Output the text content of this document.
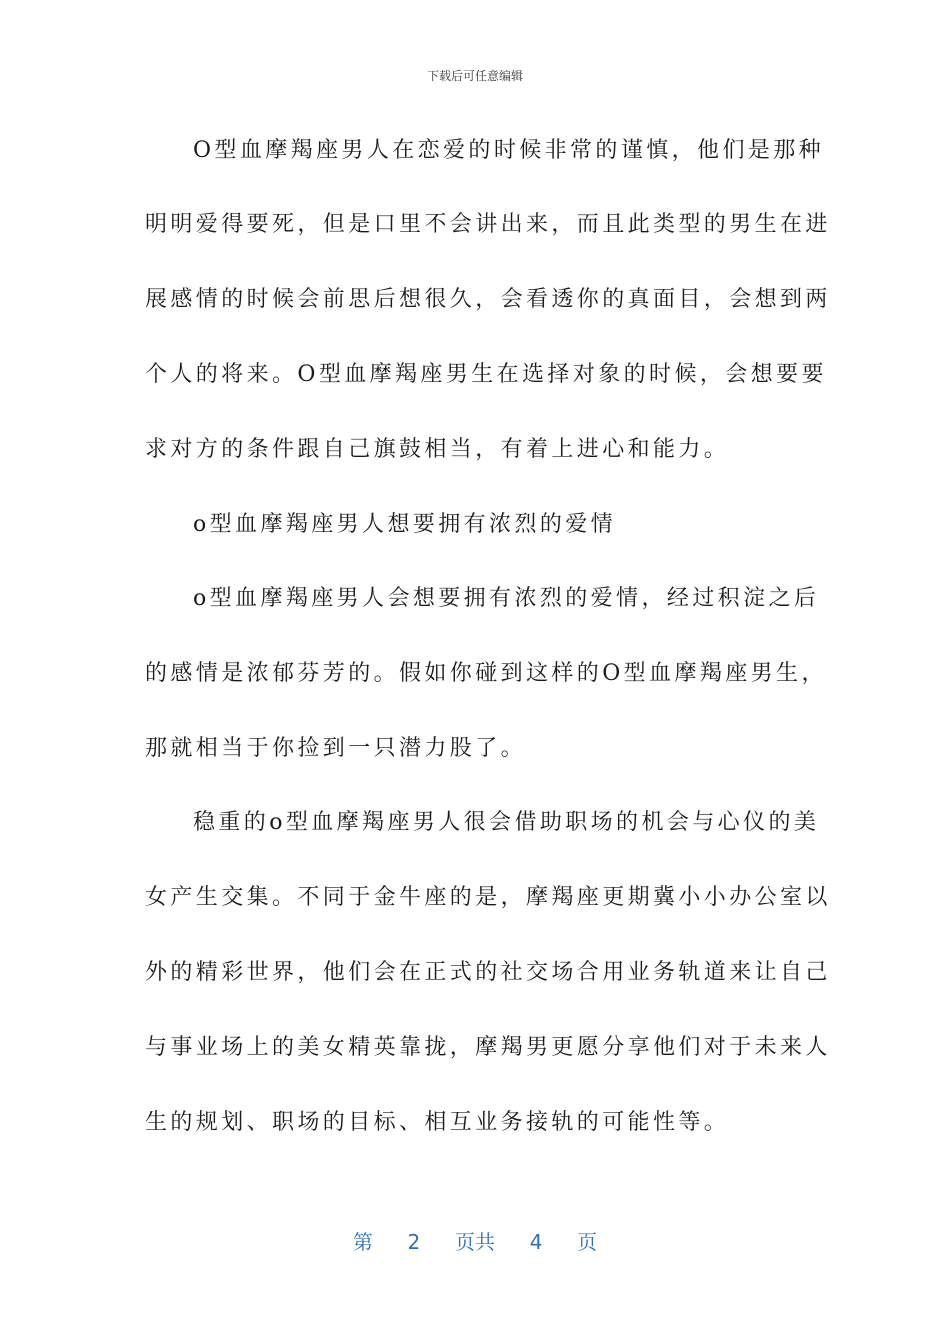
下载后可任意编辑
O型血摩羯座男人在恋爱的时候非常的谨慎，他们是那种
明明爱得要死，但是口里不会讲出来，而且此类型的男生在进
展感情的时候会前思后想很久，会看透你的真面目，会想到两
个人的将来。O型血摩羯座男生在选择对象的时候，会想要要
求对方的条件跟自己旗鼓相当，有着上进心和能力。
o型血摩羯座男人想要拥有浓烈的爱情
o型血摩羯座男人会想要拥有浓烈的爱情，经过积淀之后
的感情是浓郁芬芳的。假如你碰到这样的O型血摩羯座男生，
那就相当于你捡到一只潜力股了。
稳重的o型血摩羯座男人很会借助职场的机会与心仪的美
女产生交集。不同于金牛座的是，摩羯座更期冀小小办公室以
外的精彩世界，他们会在正式的社交场合用业务轨道来让自己
与事业场上的美女精英靠拢，摩羯男更愿分享他们对于未来人
生的规划、职场的目标、相互业务接轨的可能性等。
第 2 页共 4 页
